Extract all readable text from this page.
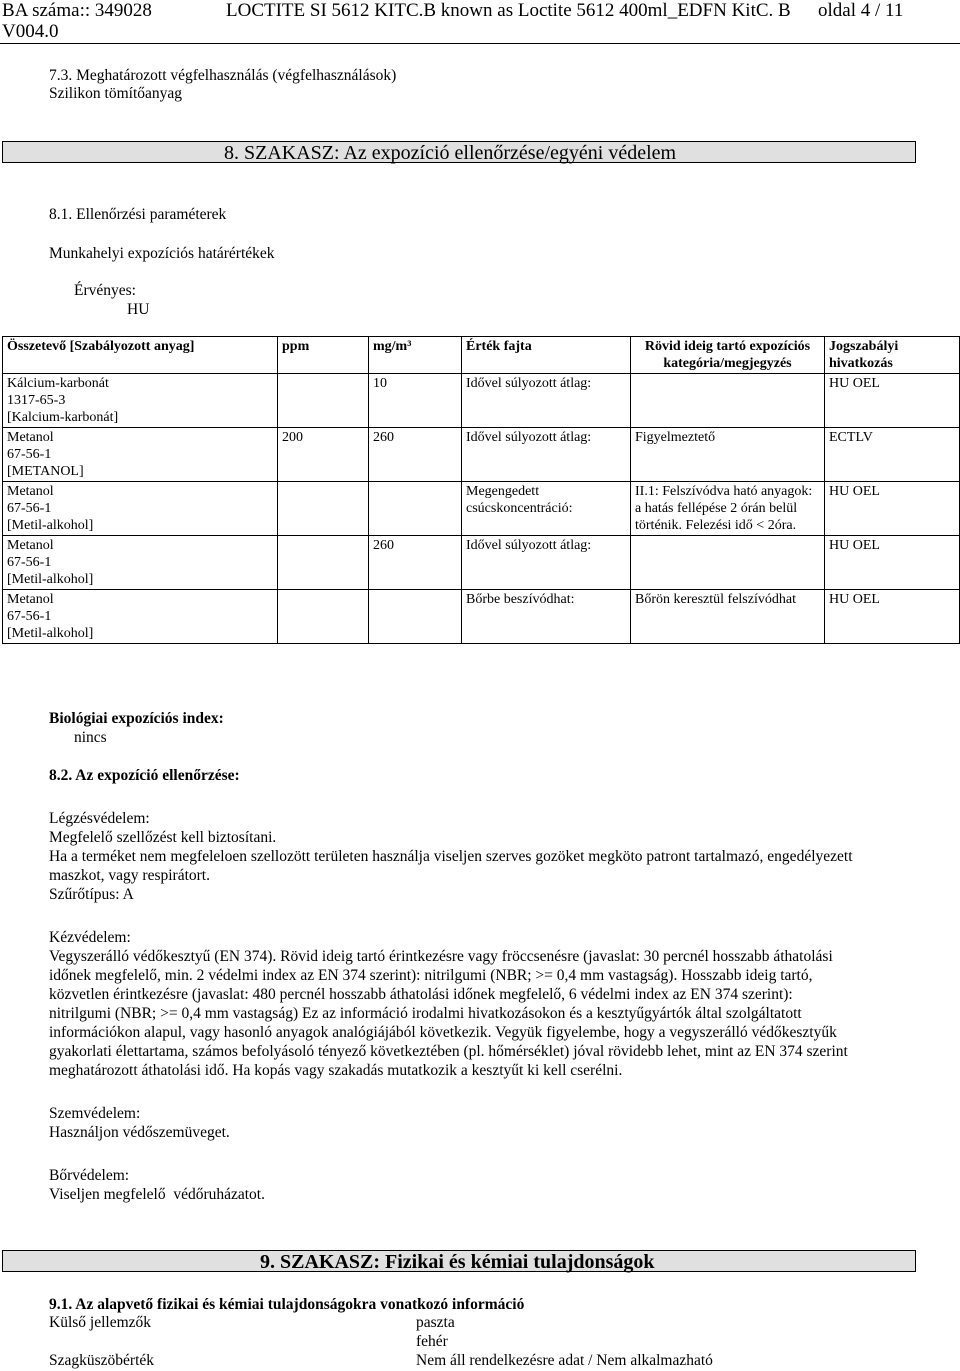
BA száma:: 349028
V004.0
LOCTITE SI 5612 KITC.B known as Loctite 5612 400ml_EDFN KitC. B oldal 4 / 11
7.3. Meghatározott végfelhasználás (végfelhasználások)
Szilikon tömítőanyag
8. SZAKASZ: Az expozíció ellenőrzése/egyéni védelem
8.1. Ellenőrzési paraméterek
Munkahelyi expozíciós határértékek
Érvényes:
HU
Összetevő [Szabályozott anyag]	ppm	mg/m³	Érték fajta	Rövid ideig tartó expozíciós kategória/megjegyzés	Jogszabályi hivatkozás

Kálcium-karbonát
1317-65-3
[Kalcium-karbonát]		10	Idővel súlyozott átlag:		HU OEL

Metanol
67-56-1
[METANOL]	200	260	Idővel súlyozott átlag:	Figyelmeztető	ECTLV

Metanol
67-56-1
[Metil-alkohol]			Megengedett csúcskoncentráció:	II.1: Felszívódva ható anyagok: a hatás fellépése 2 órán belül történik. Felezési idő < 2óra.	HU OEL

Metanol
67-56-1
[Metil-alkohol]		260	Idővel súlyozott átlag:		HU OEL

Metanol
67-56-1
[Metil-alkohol]			Bőrbe beszívódhat:	Bőrön keresztül felszívódhat	HU OEL
Biológiai expozíciós index:
nincs
8.2. Az expozíció ellenőrzése:
Légzésvédelem:
Megfelelő szellőzést kell biztosítani.
Ha a terméket nem megfeleloen szellozött területen használja viseljen szerves gozöket megköto patront tartalmazó, engedélyezett
maszkot, vagy respirátort.
Szűrőtípus: A
Kézvédelem:
Vegyszerálló védőkesztyű (EN 374). Rövid ideig tartó érintkezésre vagy fröccsenésre (javaslat: 30 percnél hosszabb áthatolási
időnek megfelelő, min. 2 védelmi index az EN 374 szerint): nitrilgumi (NBR; >= 0,4 mm vastagság). Hosszabb ideig tartó,
közvetlen érintkezésre (javaslat: 480 percnél hosszabb áthatolási időnek megfelelő, 6 védelmi index az EN 374 szerint):
nitrilgumi (NBR; >= 0,4 mm vastagság) Ez az információ irodalmi hivatkozásokon és a kesztyűgyártók által szolgáltatott
információkon alapul, vagy hasonló anyagok analógiájából következik. Vegyük figyelembe, hogy a vegyszerálló védőkesztyűk
gyakorlati élettartama, számos befolyásoló tényező következtében (pl. hőmérséklet) jóval rövidebb lehet, mint az EN 374 szerint
meghatározott áthatolási idő. Ha kopás vagy szakadás mutatkozik a kesztyűt ki kell cserélni.
Szemvédelem:
Használjon védőszemüveget.
Bőrvédelem:
Viseljen megfelelő  védőruházatot.
9. SZAKASZ: Fizikai és kémiai tulajdonságok
9.1. Az alapvető fizikai és kémiai tulajdonságokra vonatkozó információ
Külső jellemzők	paszta
fehér
Szagküszöbérték	Nem áll rendelkezésre adat / Nem alkalmazható
